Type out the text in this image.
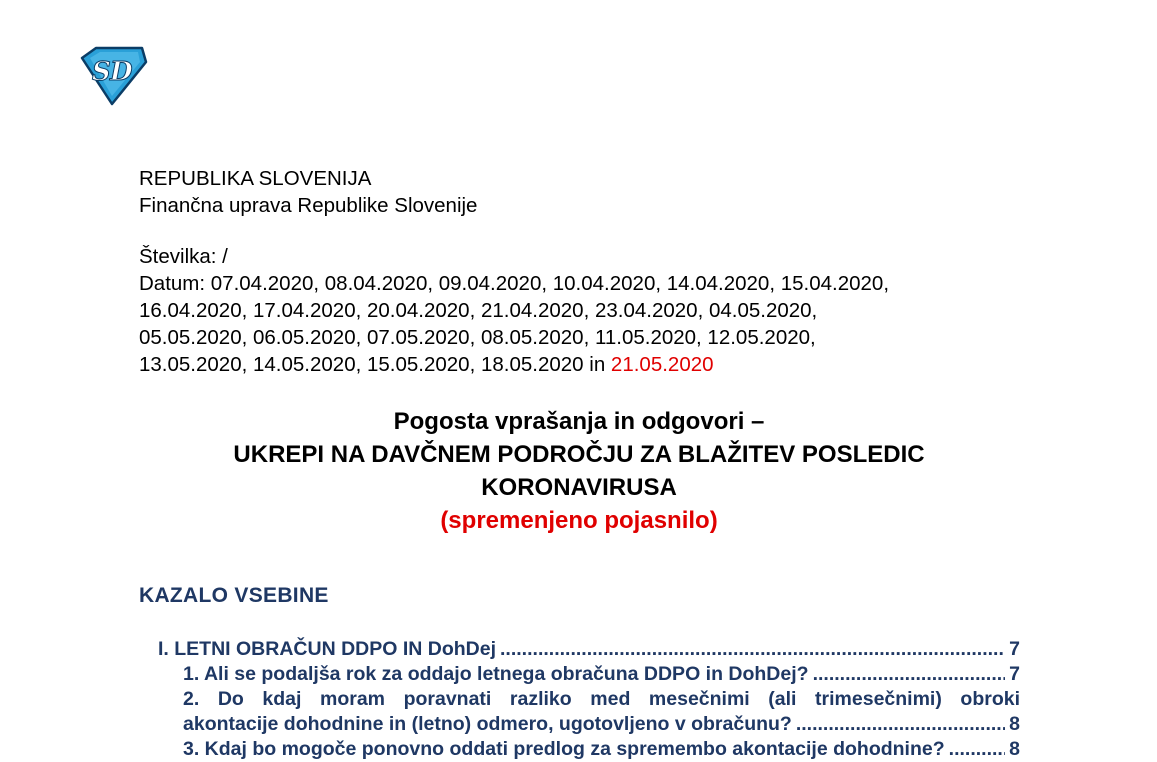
S D
REPUBLIKA SLOVENIJA
Finančna uprava Republike Slovenije
Številka: /
Datum: 07.04.2020, 08.04.2020, 09.04.2020, 10.04.2020, 14.04.2020, 15.04.2020,
16.04.2020, 17.04.2020, 20.04.2020, 21.04.2020, 23.04.2020, 04.05.2020,
05.05.2020, 06.05.2020, 07.05.2020, 08.05.2020, 11.05.2020, 12.05.2020,
13.05.2020, 14.05.2020, 15.05.2020, 18.05.2020 in 21.05.2020
Pogosta vprašanja in odgovori –
UKREPI NA DAVČNEM PODROČJU ZA BLAŽITEV POSLEDIC
KORONAVIRUSA
(spremenjeno pojasnilo)
KAZALO VSEBINE
I. LETNI OBRAČUN DDPO IN DohDej .....	7
1. Ali se podaljša rok za oddajo letnega obračuna DDPO in DohDej? .....	7
2. Do kdaj moram poravnati razliko med mesečnimi (ali trimesečnimi) obroki
akontacije dohodnine in (letno) odmero, ugotovljeno v obračunu? .....	8
3. Kdaj bo mogoče ponovno oddati predlog za spremembo akontacije dohodnine? .....	8
